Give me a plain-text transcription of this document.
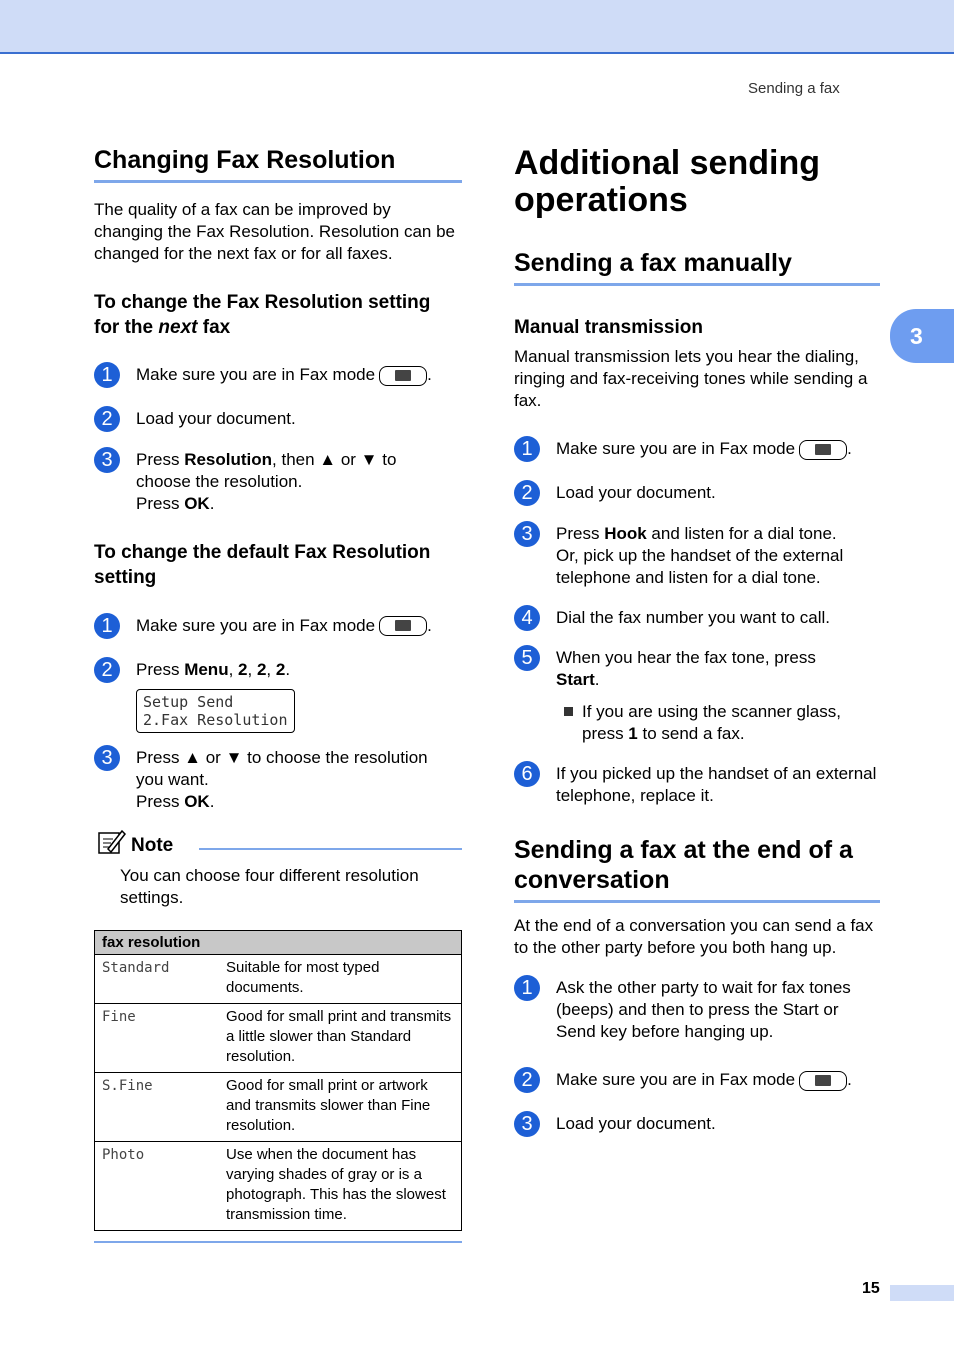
Sending a fax
Changing Fax Resolution

The quality of a fax can be improved by changing the Fax Resolution. Resolution can be changed for the next fax or for all faxes.

To change the Fax Resolution setting
for the next fax
1	Make sure you are in Fax mode	.
2	Load your document.
3	Press Resolution, then ▲ or ▼ to
choose the resolution.
Press OK.
To change the default Fax Resolution
setting
1	Make sure you are in Fax mode	.
2	Press Menu, 2, 2, 2.
Setup Send
2.Fax Resolution
3	Press ▲ or ▼ to choose the resolution
you want.
Press OK.
Note

You can choose four different resolution settings.

fax resolution	
Standard	Suitable for most typed documents.
Fine	Good for small print and transmits a little slower than Standard resolution.
S.Fine	Good for small print or artwork and transmits slower than Fine resolution.
Photo	Use when the document has varying shades of gray or is a photograph. This has the slowest transmission time.
Additional sending
operations
Sending a fax manually
Manual transmission

Manual transmission lets you hear the dialing, ringing and fax-receiving tones while sending a fax.

1	Make sure you are in Fax mode	.
2	Load your document.
3	Press Hook and listen for a dial tone.
Or, pick up the handset of the external telephone and listen for a dial tone.
4	Dial the fax number you want to call.
5	When you hear the fax tone, press
Start.
If you are using the scanner glass,
press 1 to send a fax.
6	If you picked up the handset of an external telephone, replace it.
Sending a fax at the end of a
conversation

At the end of a conversation you can send a fax to the other party before you both hang up.

1	Ask the other party to wait for fax tones (beeps) and then to press the Start or Send key before hanging up.
2	Make sure you are in Fax mode	.
3	Load your document.
3
15
